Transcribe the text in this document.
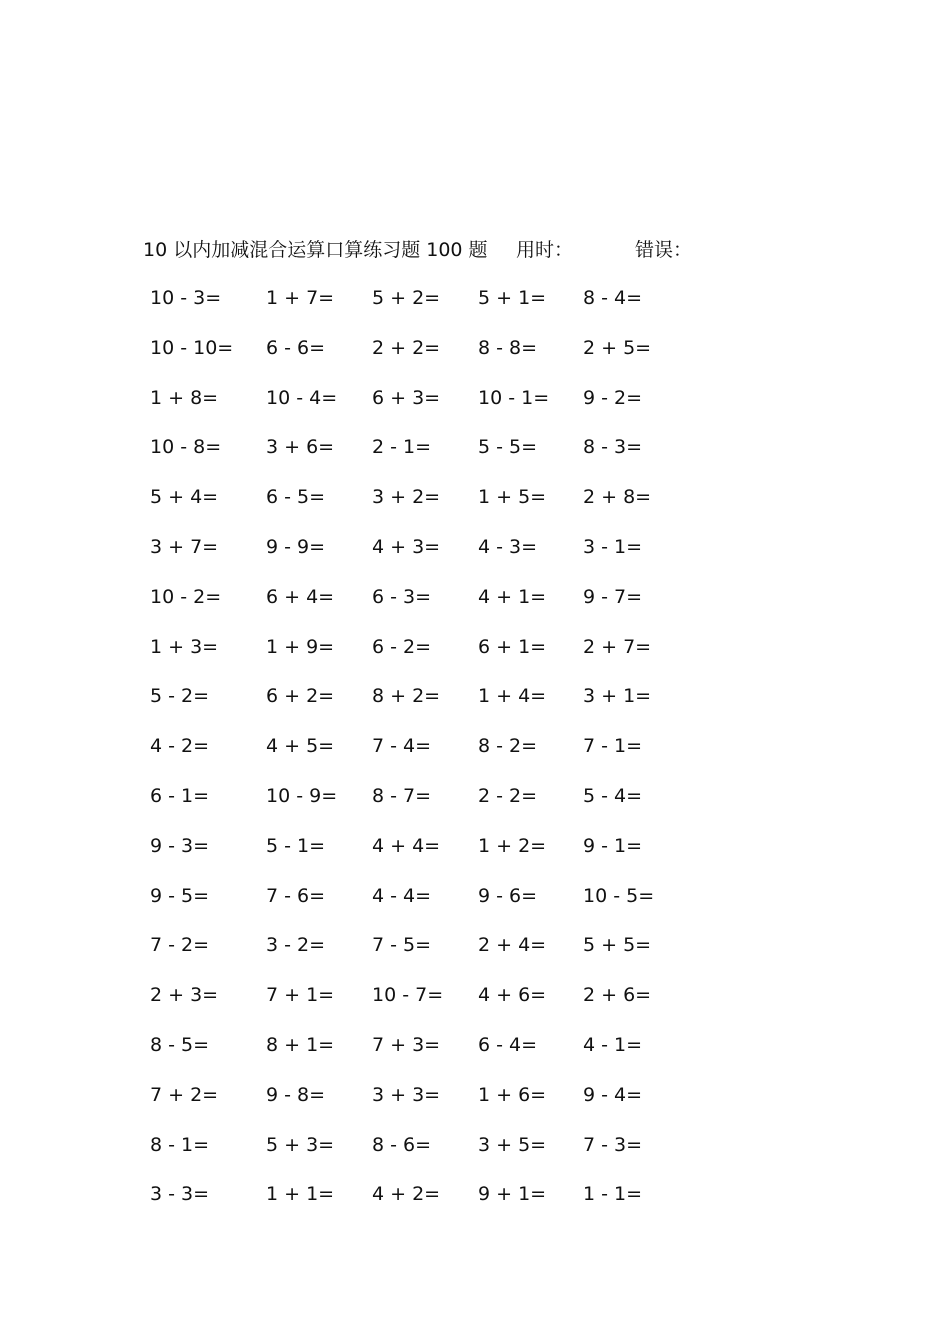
10 以内加减混合运算口算练习题 100 题 用时：	错误：
10 - 3= 1 + 7= 5 + 2= 5 + 1= 8 - 4=
10 - 10= 6 - 6= 2 + 2= 8 - 8= 2 + 5=
1 + 8=	10 - 4= 6 + 3= 10 - 1= 9 - 2=
10 - 8= 3 + 6= 2 - 1= 5 - 5= 8 - 3=
5 + 4=	6 - 5= 3 + 2= 1 + 5= 2 + 8=
3 + 7=	9 - 9= 4 + 3= 4 - 3= 3 - 1=
10 - 2= 6 + 4= 6 - 3= 4 + 1= 9 - 7=
1 + 3=	1 + 9= 6 - 2= 6 + 1= 2 + 7=
5 - 2=	6 + 2= 8 + 2= 1 + 4= 3 + 1=
4 - 2=	4 + 5= 7 - 4= 8 - 2= 7 - 1=
6 - 1=	10 - 9= 8 - 7= 2 - 2= 5 - 4=
9 - 3=	5 - 1= 4 + 4= 1 + 2= 9 - 1=
9 - 5=	7 - 6= 4 - 4= 9 - 6= 10 - 5=
7 - 2=	3 - 2= 7 - 5= 2 + 4= 5 + 5=
2 + 3=	7 + 1= 10 - 7= 4 + 6= 2 + 6=
8 - 5=	8 + 1= 7 + 3= 6 - 4= 4 - 1=
7 + 2=	9 - 8= 3 + 3= 1 + 6= 9 - 4=
8 - 1=	5 + 3= 8 - 6= 3 + 5= 7 - 3=
3 - 3=	1 + 1= 4 + 2= 9 + 1= 1 - 1=
